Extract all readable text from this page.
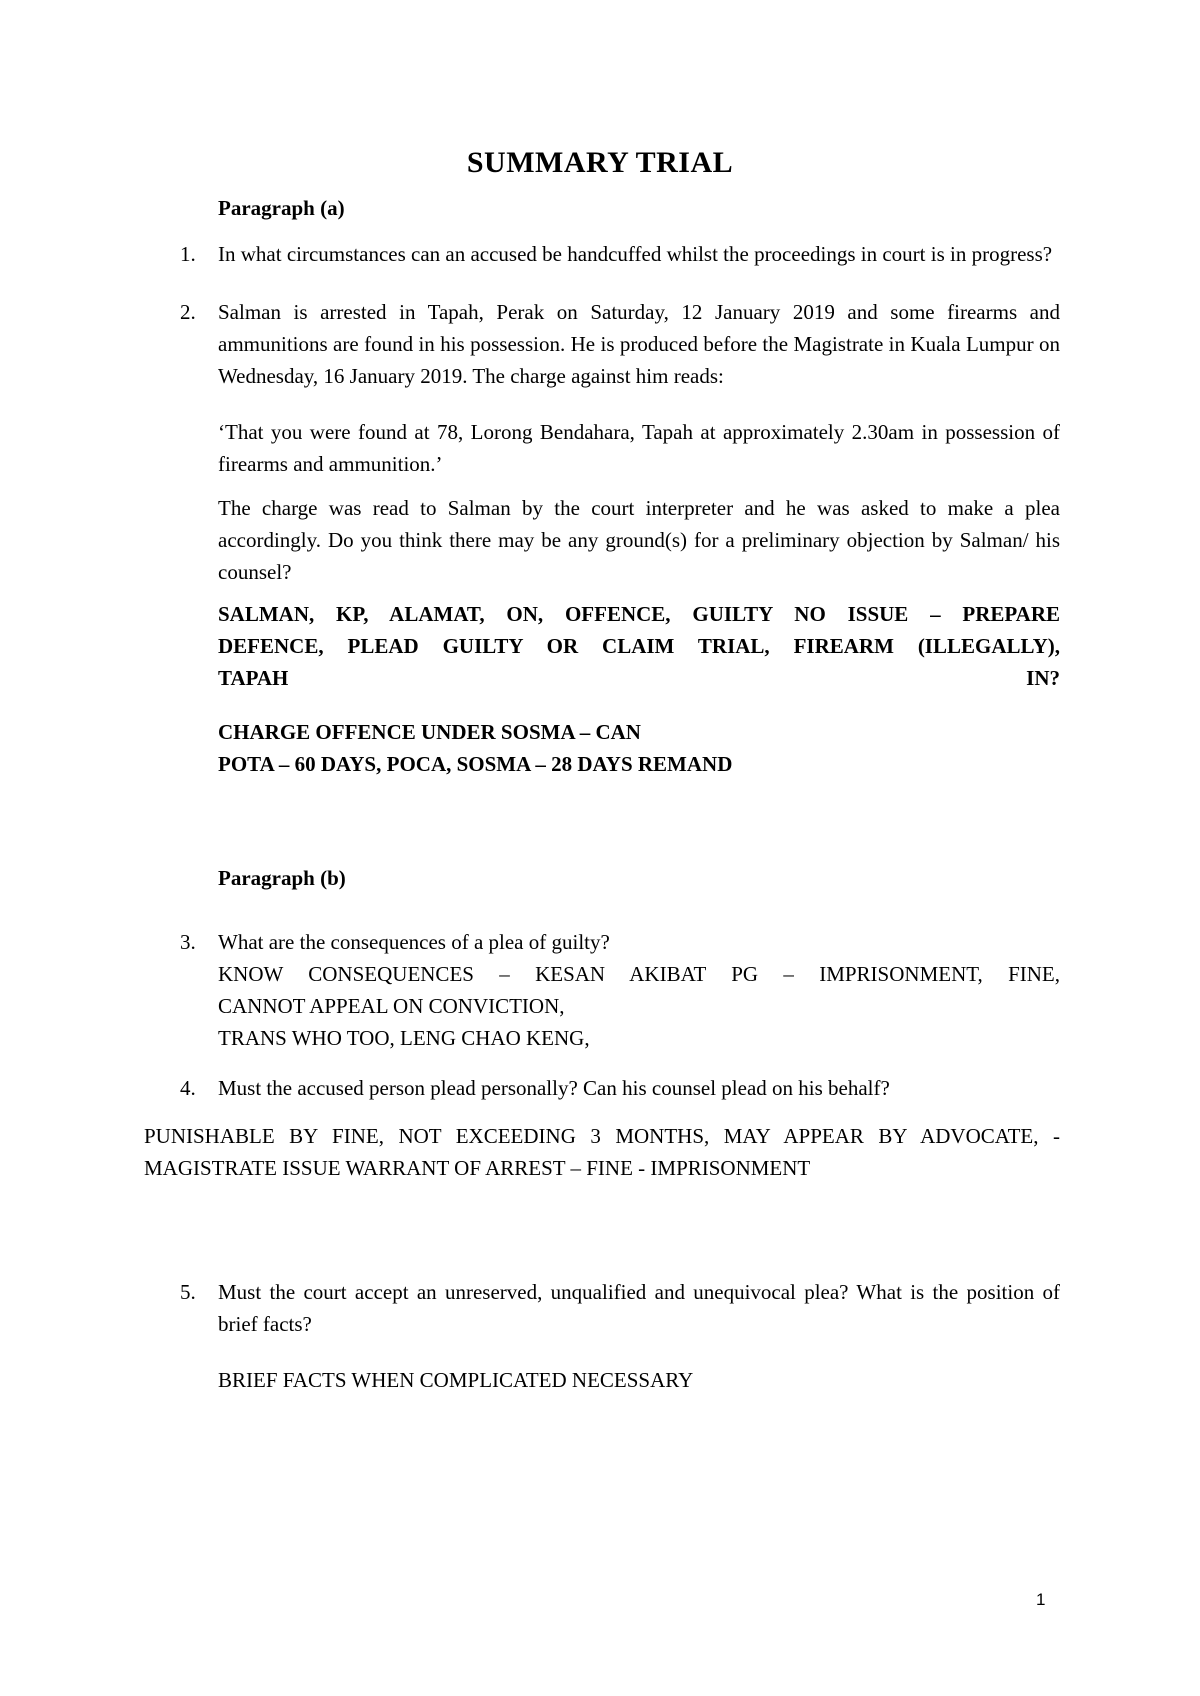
SUMMARY TRIAL
Paragraph (a)
1. In what circumstances can an accused be handcuffed whilst the proceedings in court is in progress?
2. Salman is arrested in Tapah, Perak on Saturday, 12 January 2019 and some firearms and ammunitions are found in his possession. He is produced before the Magistrate in Kuala Lumpur on Wednesday, 16 January 2019. The charge against him reads:
‘That you were found at 78, Lorong Bendahara, Tapah at approximately 2.30am in possession of firearms and ammunition.’
The charge was read to Salman by the court interpreter and he was asked to make a plea accordingly. Do you think there may be any ground(s) for a preliminary objection by Salman/ his counsel?
SALMAN, KP, ALAMAT, ON, OFFENCE, GUILTY NO ISSUE – PREPARE
DEFENCE, PLEAD GUILTY OR CLAIM TRIAL, FIREARM (ILLEGALLY),
TAPAH IN?
CHARGE OFFENCE UNDER SOSMA – CAN
POTA – 60 DAYS, POCA, SOSMA – 28 DAYS REMAND
Paragraph (b)
3. What are the consequences of a plea of guilty?
KNOW CONSEQUENCES – KESAN AKIBAT PG – IMPRISONMENT, FINE,
CANNOT APPEAL ON CONVICTION,
TRANS WHO TOO, LENG CHAO KENG,
4. Must the accused person plead personally? Can his counsel plead on his behalf?
PUNISHABLE BY FINE, NOT EXCEEDING 3 MONTHS, MAY APPEAR BY ADVOCATE, - MAGISTRATE ISSUE WARRANT OF ARREST – FINE - IMPRISONMENT
5. Must the court accept an unreserved, unqualified and unequivocal plea? What is the position of brief facts?
BRIEF FACTS WHEN COMPLICATED NECESSARY
1
